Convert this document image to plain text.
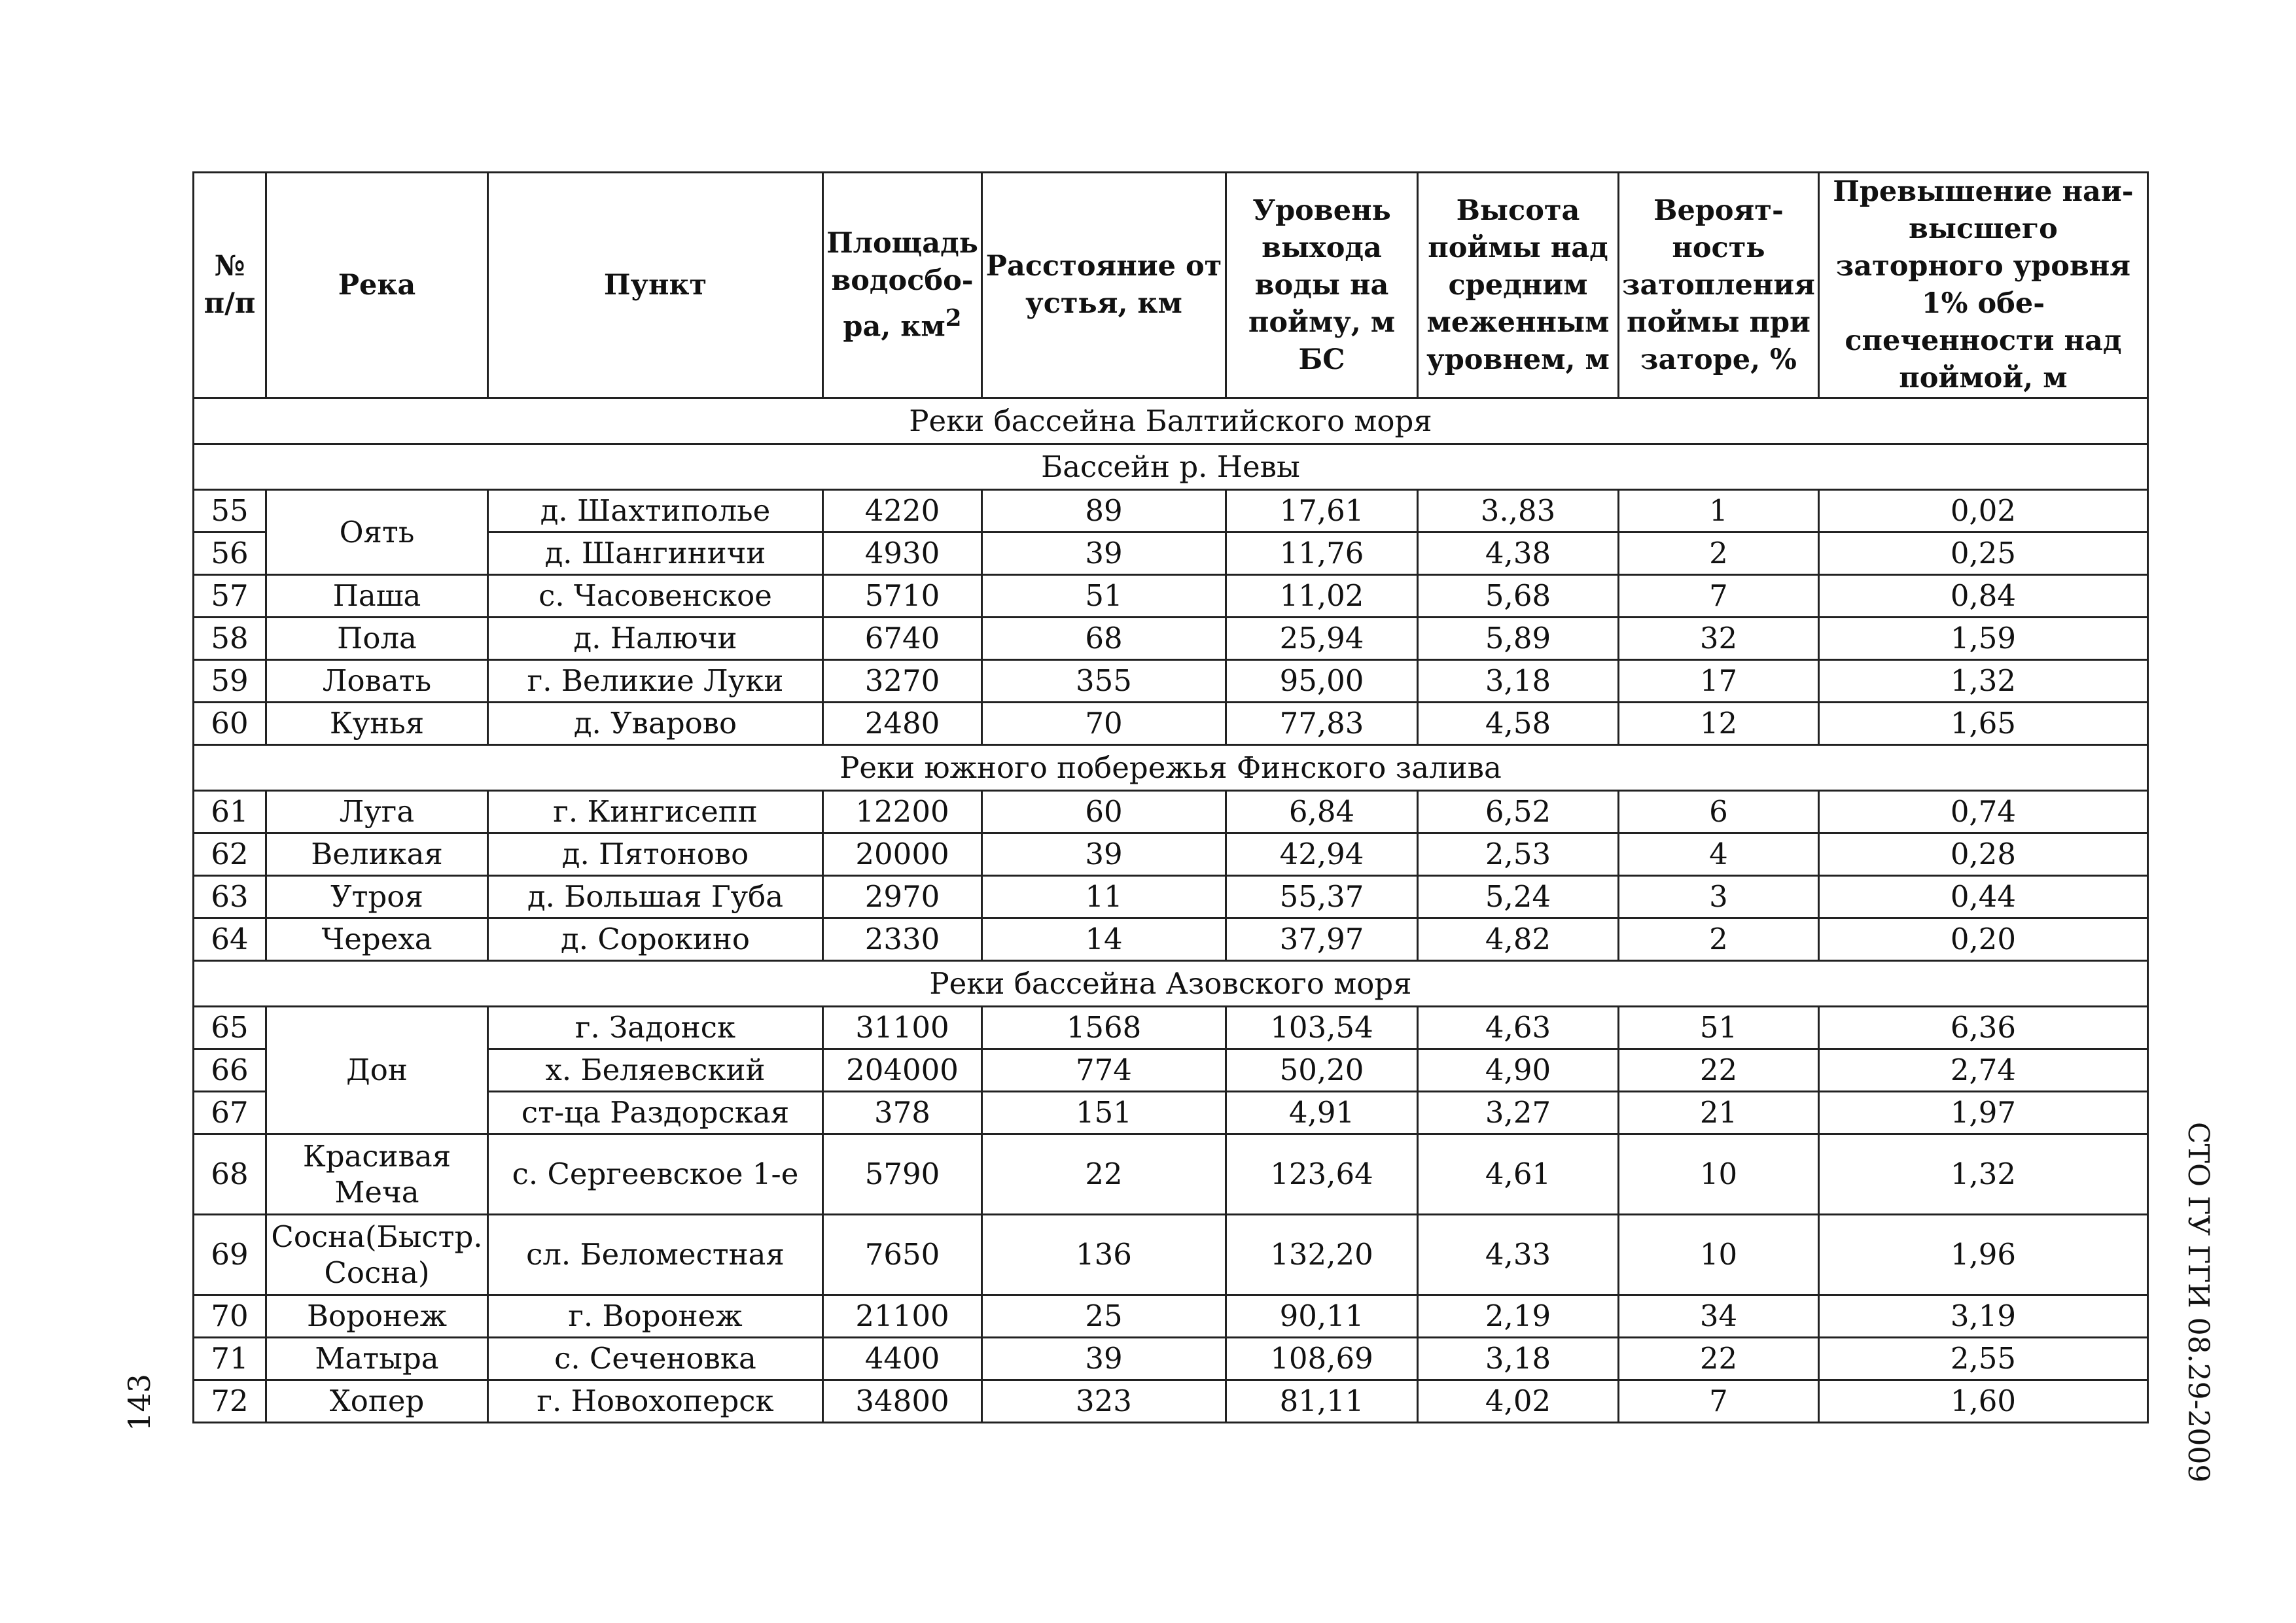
143	СТО ГУ ГГИ 08.29-2009
№ п/п	Река	Пункт	Площадь водосбо-ра, $км^2$	Расстояние от устья, км	Уровень выхода воды на пойму, м БС	Высота поймы над средним меженным уровнем, м	Вероят-ность затопления поймы при заторе, %	Превышение наи-высшего заторного уровня 1% обе-спеченности над поймой, м
Реки бассейна Балтийского моря								
Бассейн р. Невы								
55	Оять	д. Шахтиполье	4220	89	17,61	3.,83	1	0,02
56		д. Шангиничи	4930	39	11,76	4,38	2	0,25
57	Паша	с. Часовенское	5710	51	11,02	5,68	7	0,84
58	Пола	д. Налючи	6740	68	25,94	5,89	32	1,59
59	Ловать	г. Великие Луки	3270	355	95,00	3,18	17	1,32
60	Кунья	д. Уварово	2480	70	77,83	4,58	12	1,65
Реки южного побережья Финского залива								
61	Луга	г. Кингисепп	12200	60	6,84	6,52	6	0,74
62	Великая	д. Пятоново	20000	39	42,94	2,53	4	0,28
63	Утроя	д. Большая Губа	2970	11	55,37	5,24	3	0,44
64	Череха	д. Сорокино	2330	14	37,97	4,82	2	0,20
Реки бассейна Азовского моря								
65	Дон	г. Задонск	31100	1568	103,54	4,63	51	6,36
66		х. Беляевский	204000	774	50,20	4,90	22	2,74
67		ст-ца Раздорская	378	151	4,91	3,27	21	1,97
68	Красивая Меча	с. Сергеевское 1-е	5790	22	123,64	4,61	10	1,32
69	Сосна(Быстр. Сосна)	сл. Беломестная	7650	136	132,20	4,33	10	1,96
70	Воронеж	г. Воронеж	21100	25	90,11	2,19	34	3,19
71	Матыра	с. Сеченовка	4400	39	108,69	3,18	22	2,55
72	Хопер	г. Новохоперск	34800	323	81,11	4,02	7	1,60
